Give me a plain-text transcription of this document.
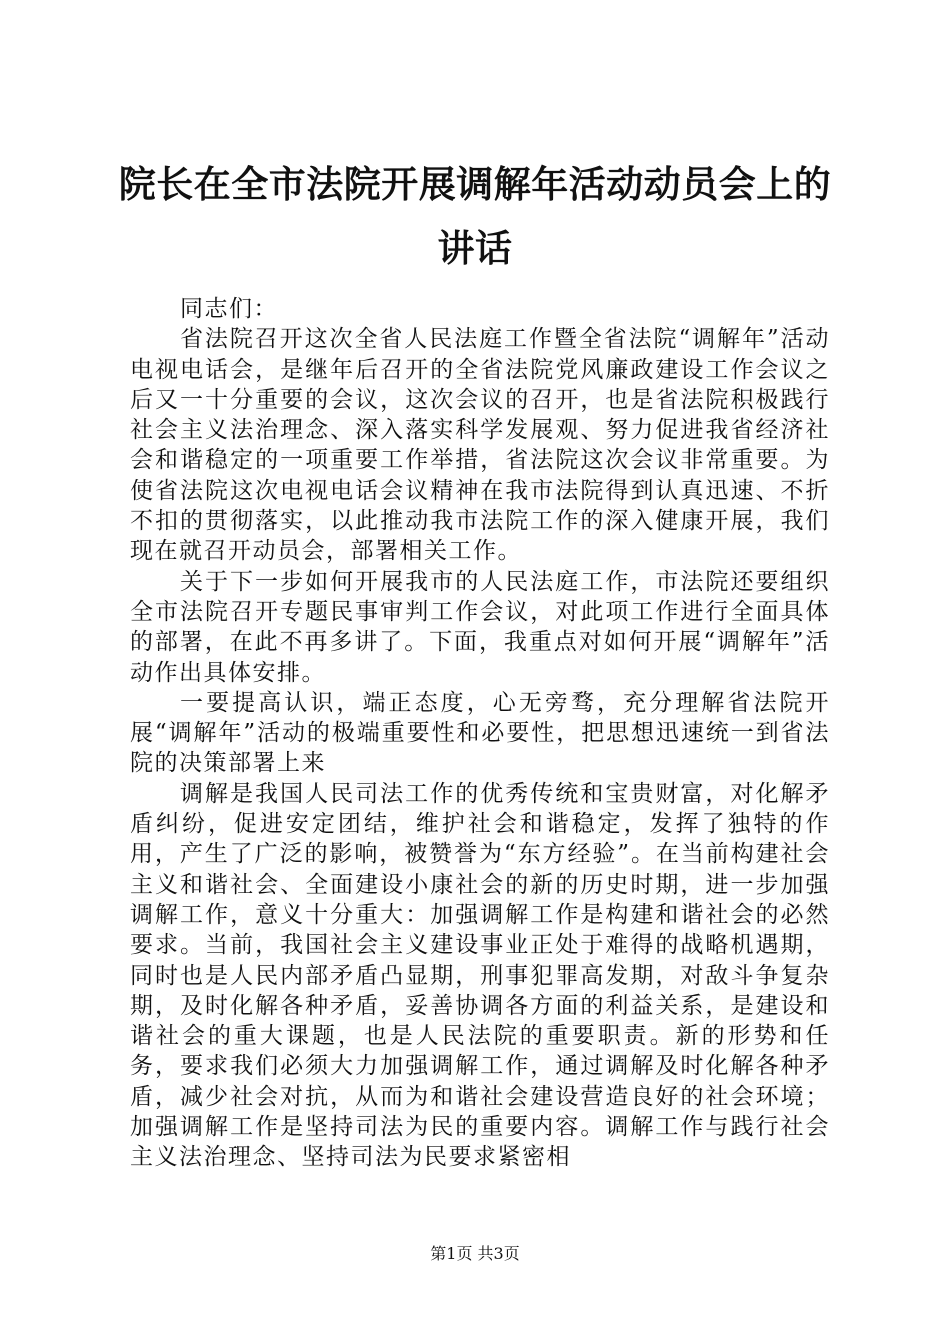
院长在全市法院开展调解年活动动员会上的讲话

同志们：

省法院召开这次全省人民法庭工作暨全省法院“调解年”活动电视电话会，是继年后召开的全省法院党风廉政建设工作会议之后又一十分重要的会议，这次会议的召开，也是省法院积极践行社会主义法治理念、深入落实科学发展观、努力促进我省经济社会和谐稳定的一项重要工作举措，省法院这次会议非常重要。为使省法院这次电视电话会议精神在我市法院得到认真迅速、不折不扣的贯彻落实，以此推动我市法院工作的深入健康开展，我们现在就召开动员会，部署相关工作。

关于下一步如何开展我市的人民法庭工作，市法院还要组织全市法院召开专题民事审判工作会议，对此项工作进行全面具体的部署，在此不再多讲了。下面，我重点对如何开展“调解年”活动作出具体安排。

一要提高认识，端正态度，心无旁骛，充分理解省法院开展“调解年”活动的极端重要性和必要性，把思想迅速统一到省法院的决策部署上来

调解是我国人民司法工作的优秀传统和宝贵财富，对化解矛盾纠纷，促进安定团结，维护社会和谐稳定，发挥了独特的作用，产生了广泛的影响，被赞誉为“东方经验”。在当前构建社会主义和谐社会、全面建设小康社会的新的历史时期，进一步加强调解工作，意义十分重大：加强调解工作是构建和谐社会的必然要求。当前，我国社会主义建设事业正处于难得的战略机遇期，同时也是人民内部矛盾凸显期，刑事犯罪高发期，对敌斗争复杂期，及时化解各种矛盾，妥善协调各方面的利益关系，是建设和谐社会的重大课题，也是人民法院的重要职责。新的形势和任务，要求我们必须大力加强调解工作，通过调解及时化解各种矛盾，减少社会对抗，从而为和谐社会建设营造良好的社会环境；加强调解工作是坚持司法为民的重要内容。调解工作与践行社会主义法治理念、坚持司法为民要求紧密相

第1页 共3页
